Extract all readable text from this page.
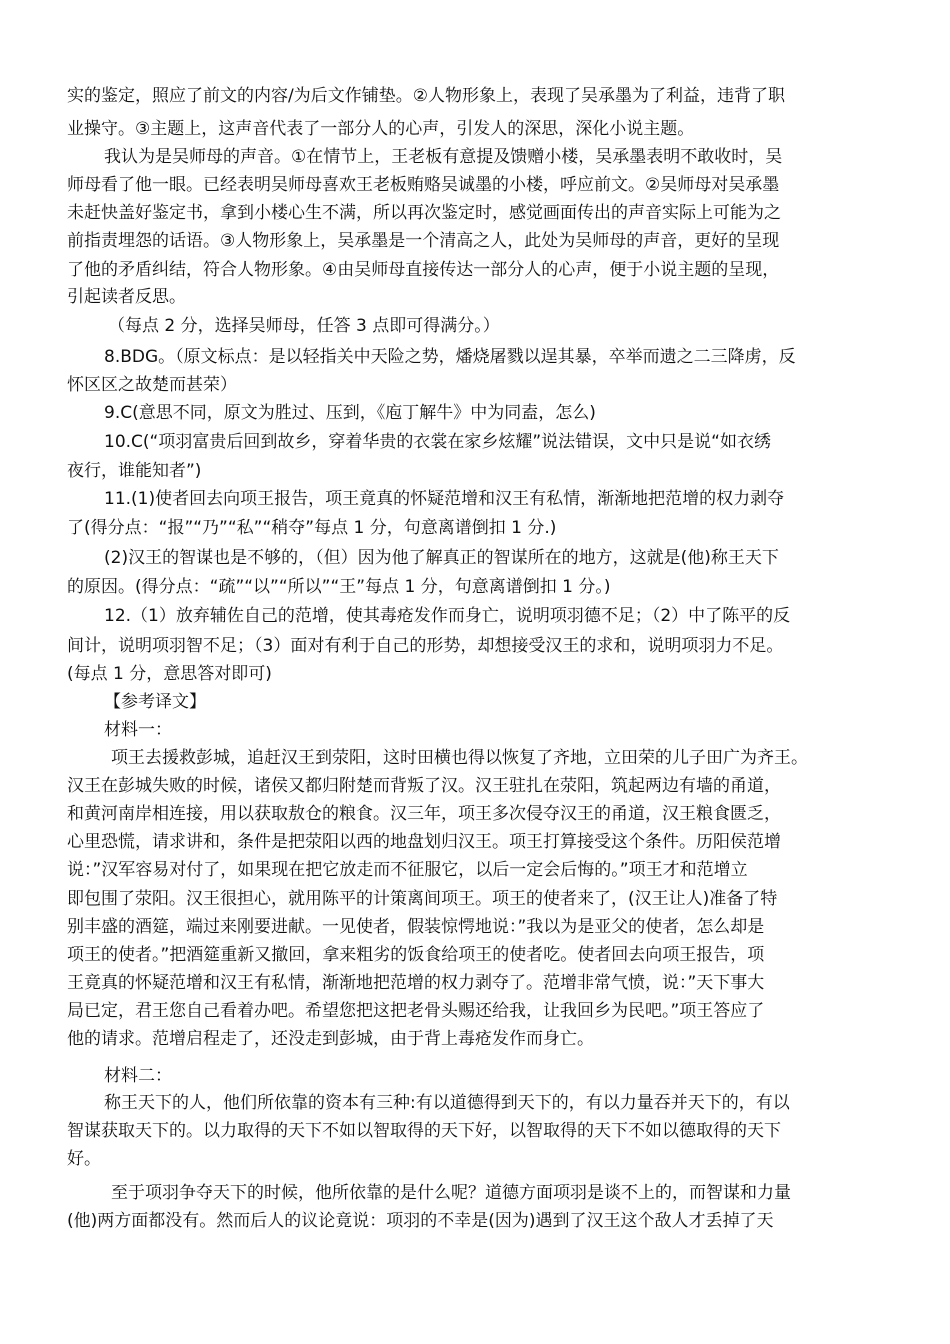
实的鉴定，照应了前文的内容/为后文作铺垫。②人物形象上，表现了吴承墨为了利益，违背了职

业操守。③主题上，这声音代表了一部分人的心声，引发人的深思，深化小说主题。

我认为是吴师母的声音。①在情节上，王老板有意提及馈赠小楼，吴承墨表明不敢收时，吴

师母看了他一眼。已经表明吴师母喜欢王老板贿赂吴诚墨的小楼，呼应前文。②吴师母对吴承墨

未赶快盖好鉴定书，拿到小楼心生不满，所以再次鉴定时，感觉画面传出的声音实际上可能为之

前指责埋怨的话语。③人物形象上，吴承墨是一个清高之人，此处为吴师母的声音，更好的呈现

了他的矛盾纠结，符合人物形象。④由吴师母直接传达一部分人的心声，便于小说主题的呈现，

引起读者反思。

（每点 2 分，选择吴师母，任答 3 点即可得满分。）

8.BDG。（原文标点：是以轻指关中天险之势，燔烧屠戮以逞其暴，卒举而遗之二三降虏，反

怀区区之故楚而甚荣）

9.C(意思不同，原文为胜过、压到，《庖丁解牛》中为同盍，怎么)

10.C(“项羽富贵后回到故乡，穿着华贵的衣裳在家乡炫耀”说法错误，文中只是说“如衣绣

夜行，谁能知者”)

11.(1)使者回去向项王报告，项王竟真的怀疑范增和汉王有私情，渐渐地把范增的权力剥夺

了(得分点：“报”“乃”“私”“稍夺”每点 1 分，句意离谱倒扣 1 分.)

(2)汉王的智谋也是不够的，（但）因为他了解真正的智谋所在的地方，这就是(他)称王天下

的原因。(得分点：“疏”“以”“所以”“王”每点 1 分，句意离谱倒扣 1 分。)

12.（1）放弃辅佐自己的范增，使其毒疮发作而身亡，说明项羽德不足；（2）中了陈平的反

间计，说明项羽智不足；（3）面对有利于自己的形势，却想接受汉王的求和，说明项羽力不足。

(每点 1 分，意思答对即可)

【参考译文】

材料一：

项王去援救彭城，追赶汉王到荥阳，这时田横也得以恢复了齐地，立田荣的儿子田广为齐王。

汉王在彭城失败的时候，诸侯又都归附楚而背叛了汉。汉王驻扎在荥阳，筑起两边有墙的甬道，

和黄河南岸相连接，用以获取敖仓的粮食。汉三年，项王多次侵夺汉王的甬道，汉王粮食匮乏，

心里恐慌，请求讲和，条件是把荥阳以西的地盘划归汉王。项王打算接受这个条件。历阳侯范增

说：”汉军容易对付了，如果现在把它放走而不征服它，以后一定会后悔的。”项王才和范增立

即包围了荥阳。汉王很担心，就用陈平的计策离间项王。项王的使者来了，(汉王让人)准备了特

别丰盛的酒筵，端过来刚要进献。一见使者，假装惊愕地说：”我以为是亚父的使者，怎么却是

项王的使者。”把酒筵重新又撤回，拿来粗劣的饭食给项王的使者吃。使者回去向项王报告，项

王竟真的怀疑范增和汉王有私情，渐渐地把范增的权力剥夺了。范增非常气愤，说：”天下事大

局已定，君王您自己看着办吧。希望您把这把老骨头赐还给我，让我回乡为民吧。”项王答应了

他的请求。范增启程走了，还没走到彭城，由于背上毒疮发作而身亡。

材料二：

称王天下的人，他们所依靠的资本有三种:有以道德得到天下的，有以力量吞并天下的，有以

智谋获取天下的。以力取得的天下不如以智取得的天下好，以智取得的天下不如以德取得的天下

好。

至于项羽争夺天下的时候，他所依靠的是什么呢？道德方面项羽是谈不上的，而智谋和力量

(他)两方面都没有。然而后人的议论竟说：项羽的不幸是(因为)遇到了汉王这个敌人才丢掉了天
